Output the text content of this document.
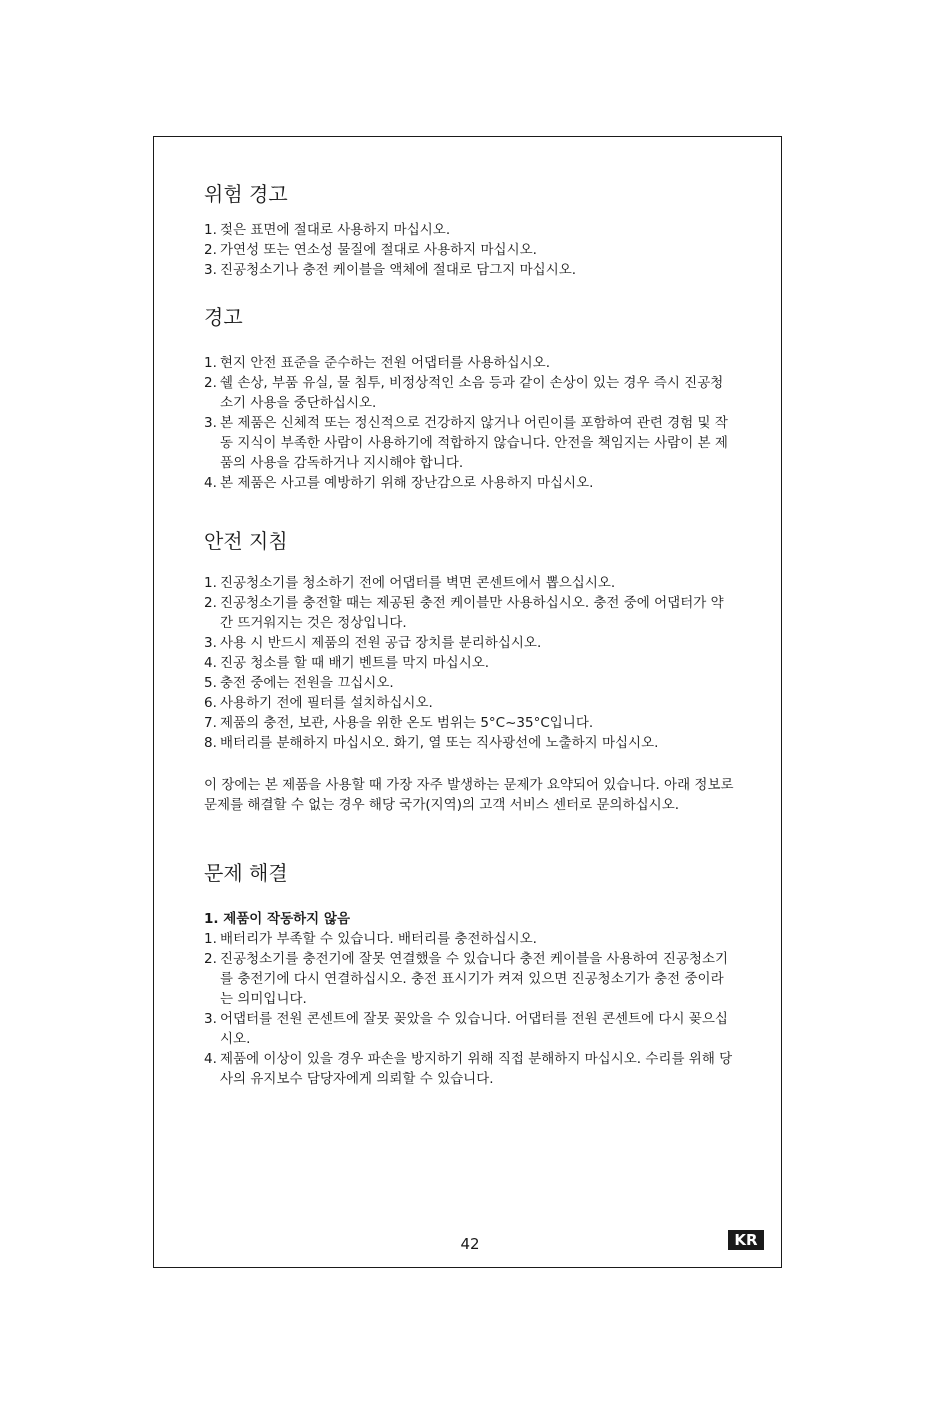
위험 경고
1. 젖은 표면에 절대로 사용하지 마십시오.
2. 가연성 또는 연소성 물질에 절대로 사용하지 마십시오.
3. 진공청소기나 충전 케이블을 액체에 절대로 담그지 마십시오.
경고
1. 현지 안전 표준을 준수하는 전원 어댑터를 사용하십시오.
2. 쉘 손상, 부품 유실, 물 침투, 비정상적인 소음 등과 같이 손상이 있는 경우 즉시 진공청소기 사용을 중단하십시오.
3. 본 제품은 신체적 또는 정신적으로 건강하지 않거나 어린이를 포함하여 관련 경험 및 작동 지식이 부족한 사람이 사용하기에 적합하지 않습니다. 안전을 책임지는 사람이 본 제품의 사용을 감독하거나 지시해야 합니다.
4. 본 제품은 사고를 예방하기 위해 장난감으로 사용하지 마십시오.
안전 지침
1. 진공청소기를 청소하기 전에 어댑터를 벽면 콘센트에서 뽑으십시오.
2. 진공청소기를 충전할 때는 제공된 충전 케이블만 사용하십시오. 충전 중에 어댑터가 약간 뜨거워지는 것은 정상입니다.
3. 사용 시 반드시 제품의 전원 공급 장치를 분리하십시오.
4. 진공 청소를 할 때 배기 벤트를 막지 마십시오.
5. 충전 중에는 전원을 끄십시오.
6. 사용하기 전에 필터를 설치하십시오.
7. 제품의 충전, 보관, 사용을 위한 온도 범위는 5°C~35°C입니다.
8. 배터리를 분해하지 마십시오. 화기, 열 또는 직사광선에 노출하지 마십시오.

이 장에는 본 제품을 사용할 때 가장 자주 발생하는 문제가 요약되어 있습니다. 아래 정보로 문제를 해결할 수 없는 경우 해당 국가(지역)의 고객 서비스 센터로 문의하십시오.

문제 해결
1. 제품이 작동하지 않음
1. 배터리가 부족할 수 있습니다. 배터리를 충전하십시오.
2. 진공청소기를 충전기에 잘못 연결했을 수 있습니다 충전 케이블을 사용하여 진공청소기를 충전기에 다시 연결하십시오. 충전 표시기가 켜져 있으면 진공청소기가 충전 중이라는 의미입니다.
3. 어댑터를 전원 콘센트에 잘못 꽂았을 수 있습니다. 어댑터를 전원 콘센트에 다시 꽂으십시오.
4. 제품에 이상이 있을 경우 파손을 방지하기 위해 직접 분해하지 마십시오. 수리를 위해 당사의 유지보수 담당자에게 의뢰할 수 있습니다.
42	KR
